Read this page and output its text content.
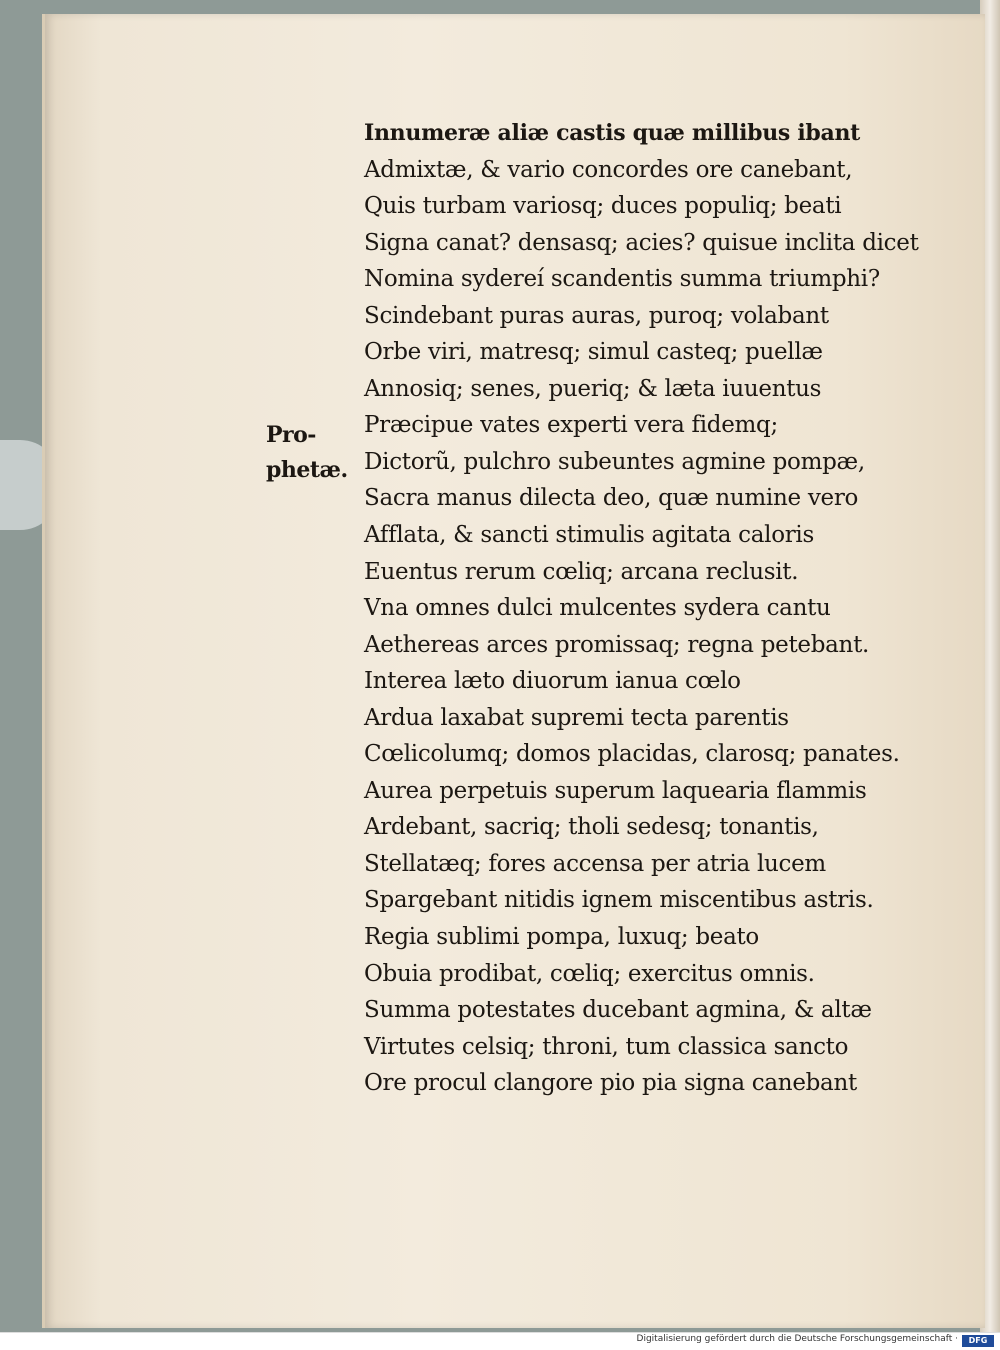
Innumeræ aliæ castis quæ millibus ibant
Admixtæ, & vario concordes ore canebant,
Quis turbam variosq; duces populiq; beati
Signa canat? densasq; acies? quisue inclita dicet
Nomina sydereí scandentis summa triumphi?
Scindebant puras auras, puroq; volabant
Orbe viri, matresq; simul casteq; puellæ
Annosiq; senes, pueriq; & læta iuuentus
Præcipue vates experti vera fidemq;
Dictorũ, pulchro subeuntes agmine pompæ,
Sacra manus dilecta deo, quæ numine vero
Afflata, & sancti stimulis agitata caloris
Euentus rerum cœliq; arcana reclusit.
Vna omnes dulci mulcentes sydera cantu
Aethereas arces promissaq; regna petebant.
Interea læto diuorum ianua cœlo
Ardua laxabat supremi tecta parentis
Cœlicolumq; domos placidas, clarosq; panates.
Aurea perpetuis superum laquearia flammis
Ardebant, sacriq; tholi sedesq; tonantis,
Stellatæq; fores accensa per atria lucem
Spargebant nitidis ignem miscentibus astris.
Regia sublimi pompa, luxuq; beato
Obuia prodibat, cœliq; exercitus omnis.
Summa potestates ducebant agmina, & altæ
Virtutes celsiq; throni, tum classica sancto
Ore procul clangore pio pia signa canebant
Pro-
phetæ.
Digitalisierung gefördert durch die Deutsche Forschungsgemeinschaft ·	DFG
